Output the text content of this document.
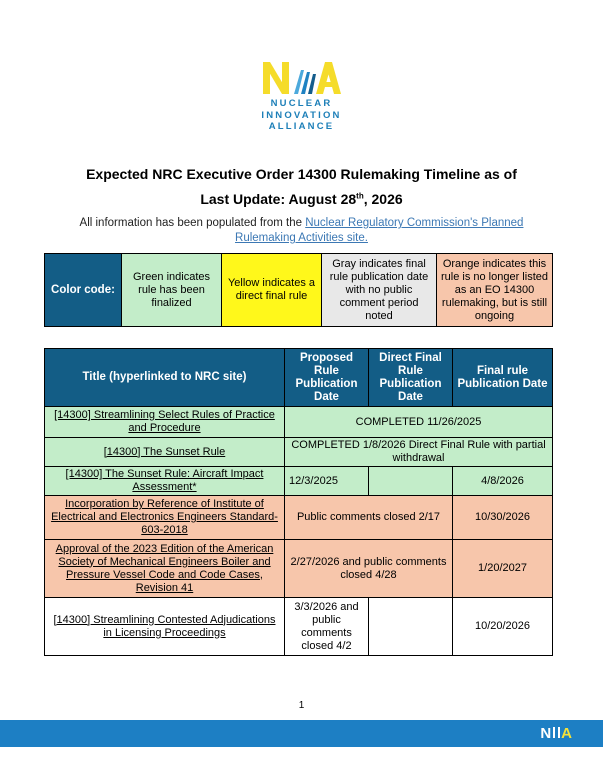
NUCLEAR
INNOVATION
ALLIANCE
Expected NRC Executive Order 14300 Rulemaking Timeline as of
Last Update: August 28th, 2026
All information has been populated from the Nuclear Regulatory Commission's Planned Rulemaking Activities site.
Color code:	Green indicates rule has been finalized	Yellow indicates a direct final rule	Gray indicates final rule publication date with no public comment period noted	Orange indicates this rule is no longer listed as an EO 14300 rulemaking, but is still ongoing
Title (hyperlinked to NRC site)	Proposed Rule Publication Date	Direct Final Rule Publication Date	Final rule Publication Date
[14300] Streamlining Select Rules of Practice and Procedure	COMPLETED 11/26/2025		
[14300] The Sunset Rule	COMPLETED 1/8/2026 Direct Final Rule with partial withdrawal		
[14300] The Sunset Rule: Aircraft Impact Assessment*	12/3/2025		4/8/2026
Incorporation by Reference of Institute of Electrical and Electronics Engineers Standard-603-2018	Public comments closed 2/17		10/30/2026
Approval of the 2023 Edition of the American Society of Mechanical Engineers Boiler and Pressure Vessel Code and Code Cases, Revision 41	2/27/2026 and public comments closed 4/28		1/20/2027
[14300] Streamlining Contested Adjudications in Licensing Proceedings	3/3/2026 and public comments closed 4/2		10/20/2026
1
N A
